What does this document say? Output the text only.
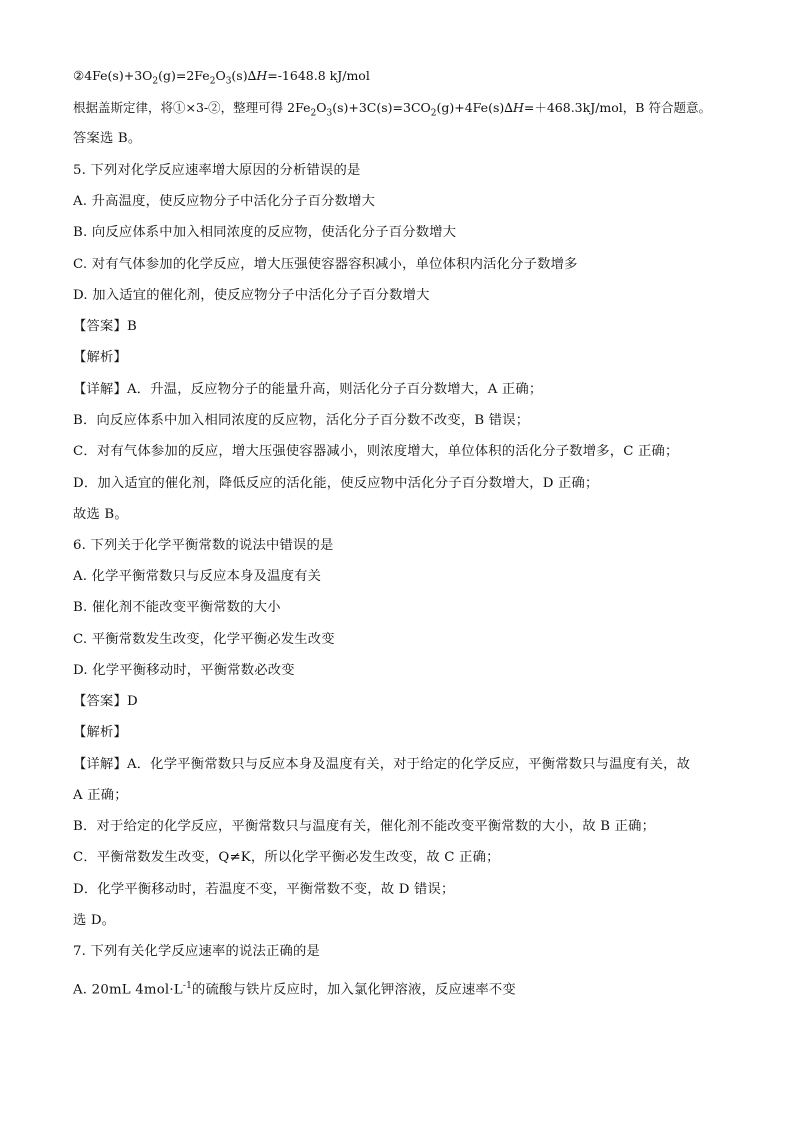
$②4Fe(s)+3O_2(g)=2Fe_2O_3(s)\Delta H=-1648.8$ kJ/mol
根据盖斯定律，将①×3-②，整理可得 $2Fe_2O_3(s)+3C(s)=3CO_2(g)+4Fe(s)\Delta H=+468.3kJ$/mol，B 符合题意。
答案选 B。
5. 下列对化学反应速率增大原因的分析错误的是
A. 升高温度，使反应物分子中活化分子百分数增大
B. 向反应体系中加入相同浓度的反应物，使活化分子百分数增大
C. 对有气体参加的化学反应，增大压强使容器容积减小，单位体积内活化分子数增多
D. 加入适宜的催化剂，使反应物分子中活化分子百分数增大
【答案】B
【解析】
【详解】A．升温，反应物分子的能量升高，则活化分子百分数增大，A 正确；
B．向反应体系中加入相同浓度的反应物，活化分子百分数不改变，B 错误；
C．对有气体参加的反应，增大压强使容器减小，则浓度增大，单位体积的活化分子数增多，C 正确；
D．加入适宜的催化剂，降低反应的活化能，使反应物中活化分子百分数增大，D 正确；
故选 B。
6. 下列关于化学平衡常数的说法中错误的是
A. 化学平衡常数只与反应本身及温度有关
B. 催化剂不能改变平衡常数的大小
C. 平衡常数发生改变，化学平衡必发生改变
D. 化学平衡移动时，平衡常数必改变
【答案】D
【解析】
【详解】A．化学平衡常数只与反应本身及温度有关，对于给定的化学反应，平衡常数只与温度有关，故
A 正确；
B．对于给定的化学反应，平衡常数只与温度有关，催化剂不能改变平衡常数的大小，故 B 正确；
C．平衡常数发生改变，Q≠K，所以化学平衡必发生改变，故 C 正确；
D．化学平衡移动时，若温度不变，平衡常数不变，故 D 错误；
选 D。
7. 下列有关化学反应速率的说法正确的是
A. 20mL $4mol\cdot L^{-1}$的硫酸与铁片反应时，加入氯化钾溶液，反应速率不变
